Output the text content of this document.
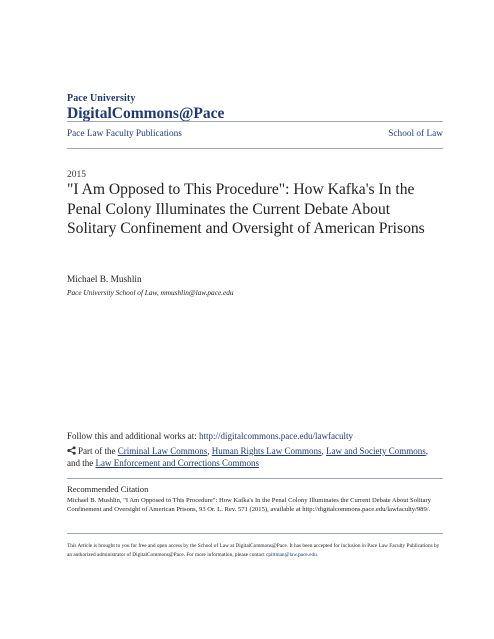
Pace University
DigitalCommons@Pace
Pace Law Faculty Publications	School of Law
2015
"I Am Opposed to This Procedure": How Kafka's In the Penal Colony Illuminates the Current Debate About Solitary Confinement and Oversight of American Prisons
Michael B. Mushlin
Pace University School of Law, mmushlin@law.pace.edu
Follow this and additional works at: http://digitalcommons.pace.edu/lawfaculty
Part of the Criminal Law Commons, Human Rights Law Commons, Law and Society Commons, and the Law Enforcement and Corrections Commons
Recommended Citation
Michael B. Mushlin, "I Am Opposed to This Procedure": How Kafka's In the Penal Colony Illuminates the Current Debate About Solitary Confinement and Oversight of American Prisons, 93 Or. L. Rev. 571 (2015), available at http://digitalcommons.pace.edu/lawfaculty/989/.
This Article is brought to you for free and open access by the School of Law at DigitalCommons@Pace. It has been accepted for inclusion in Pace Law Faculty Publications by an authorized administrator of DigitalCommons@Pace. For more information, please contact cpittman@law.pace.edu.
